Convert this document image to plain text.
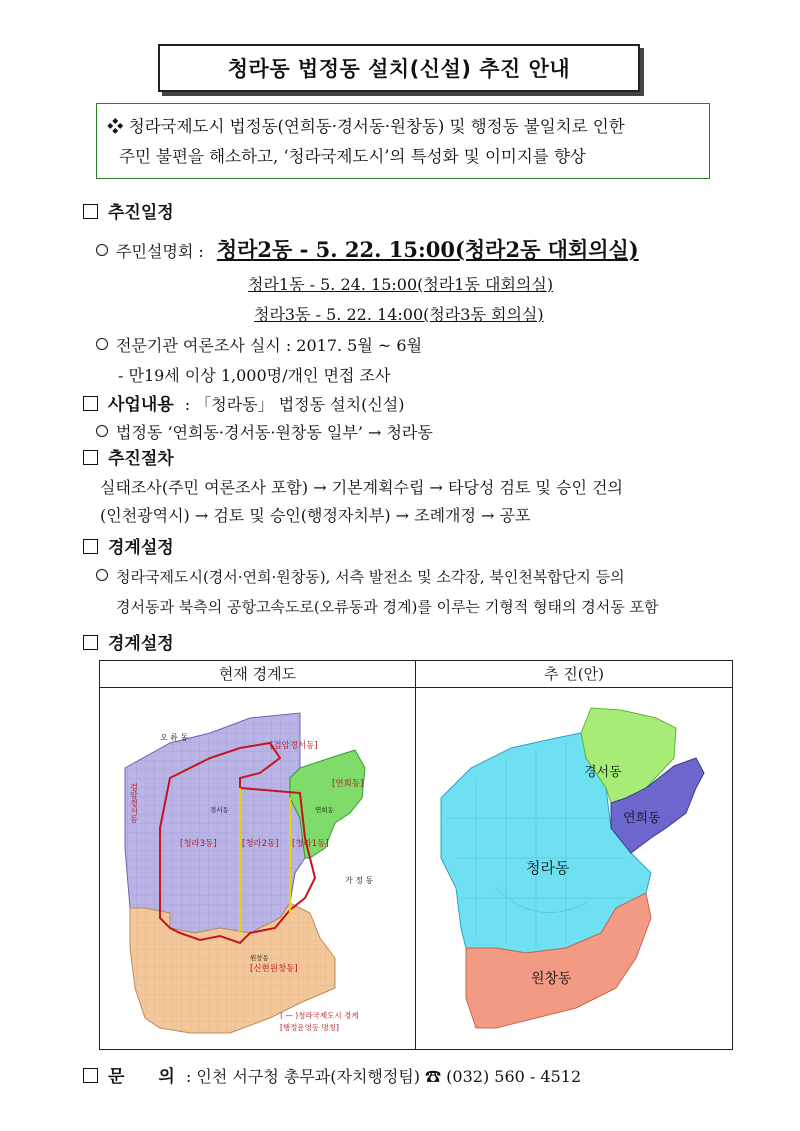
청라동 법정동 설치(신설) 추진 안내
❖ 청라국제도시 법정동(연희동·경서동·원창동) 및 행정동 불일치로 인한
주민 불편을 해소하고, ‘청라국제도시’의 특성화 및 이미지를 향상
추진일정
주민설명회 : 청라2동 - 5. 22. 15:00(청라2동 대회의실)
청라1동 - 5. 24. 15:00(청라1동 대회의실)
청라3동 - 5. 22. 14:00(청라3동 회의실)
전문기관 여론조사 실시 : 2017. 5월 ~ 6월
- 만19세 이상 1,000명/개인 면접 조사
사업내용 : 「청라동」 법정동 설치(신설)
법정동 ‘연희동·경서동·원창동 일부’ → 청라동
추진절차
실태조사(주민 여론조사 포함) → 기본계획수립 → 타당성 검토 및 승인 건의
(인천광역시) → 검토 및 승인(행정자치부) → 조례개정 → 공포
경계설정
청라국제도시(경서·연희·원창동), 서측 발전소 및 소각장, 북인천복합단지 등의
경서동과 북측의 공항고속도로(오류동과 경계)를 이루는 기형적 형태의 경서동 포함
경계설정
현재 경계도	추 진(안)
오 류 동
[검암경서동]
[연희동]
연희동
경서동
[청라3동]	[청라2동] [청라1동]
가 정 동
원창동
[신현원창동]
( — )청라국제도시 경계
[행정운영동 명칭]
검암경서동
경서동
연희동
청라동
원창동
문　　의 : 인천 서구청 총무과(자치행정팀) ☎ (032) 560 - 4512
